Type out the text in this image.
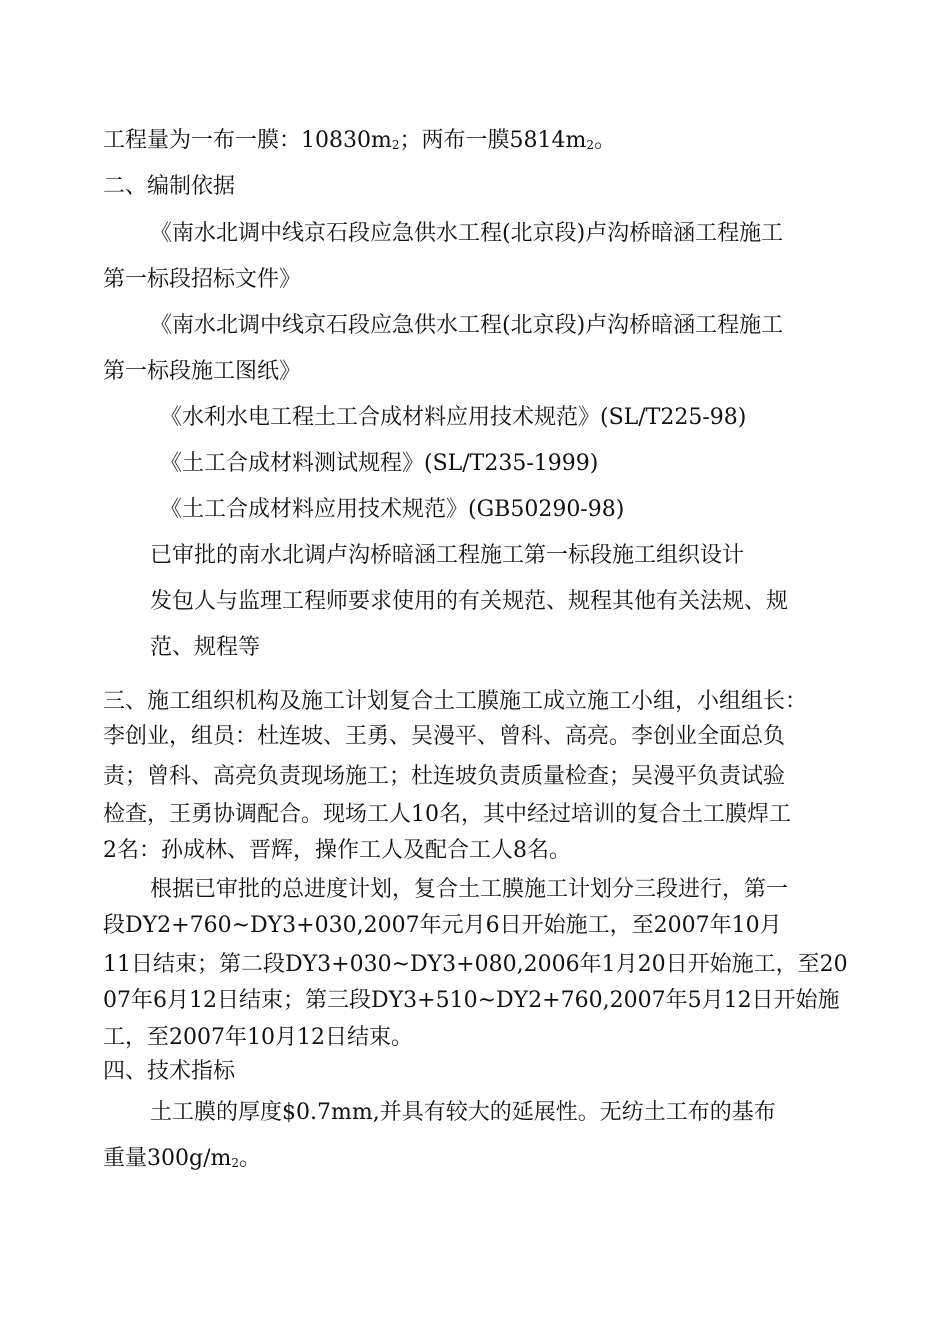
工程量为一布一膜：$10830m_2$；两布一膜$5814m_2$。
二、编制依据
《南水北调中线京石段应急供水工程(北京段)卢沟桥暗涵工程施工
第一标段招标文件》
《南水北调中线京石段应急供水工程(北京段)卢沟桥暗涵工程施工
第一标段施工图纸》
《水利水电工程土工合成材料应用技术规范》(SL/T225-98)
《土工合成材料测试规程》(SL/T235-1999)
《土工合成材料应用技术规范》(GB50290-98)
已审批的南水北调卢沟桥暗涵工程施工第一标段施工组织设计
发包人与监理工程师要求使用的有关规范、规程其他有关法规、规
范、规程等
三、施工组织机构及施工计划复合土工膜施工成立施工小组，小组组长：
李创业，组员：杜连坡、王勇、吴漫平、曾科、高亮。李创业全面总负
责；曾科、高亮负责现场施工；杜连坡负责质量检查；吴漫平负责试验
检查，王勇协调配合。现场工人10名，其中经过培训的复合土工膜焊工
2名：孙成林、晋辉，操作工人及配合工人8名。
根据已审批的总进度计划，复合土工膜施工计划分三段进行，第一
段DY2+760~DY3+030,2007年元月6日开始施工，至2007年10月
11日结束；第二段DY3+030~DY3+080,2006年1月20日开始施工，至20
07年6月12日结束；第三段DY3+510~DY2+760,2007年5月12日开始施
工，至2007年10月12日结束。
四、技术指标
土工膜的厚度$0.7mm,并具有较大的延展性。无纺土工布的基布
重量$300g/m_2$。
